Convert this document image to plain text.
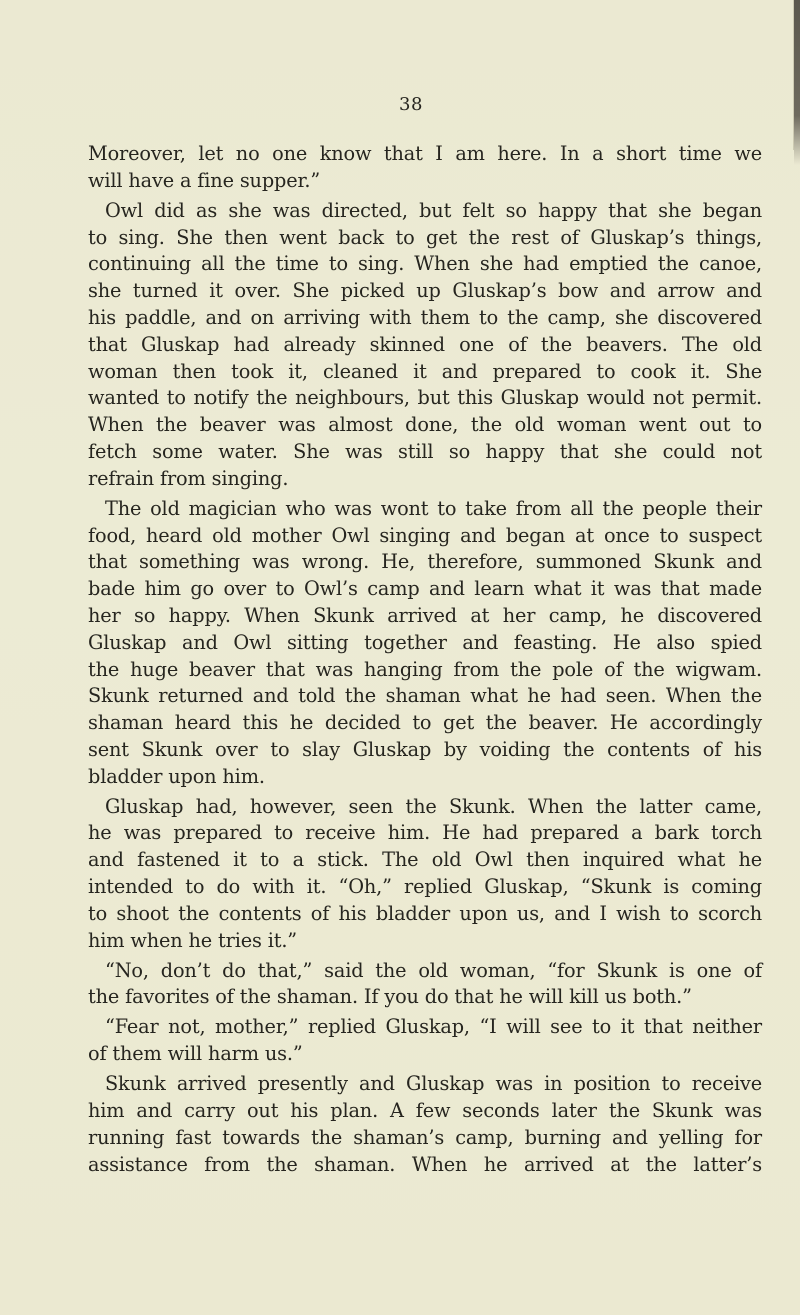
38
Moreover, let no one know that I am here. In a short time we
will have a fine supper.”
Owl did as she was directed, but felt so happy that she began
to sing. She then went back to get the rest of Gluskap’s things,
continuing all the time to sing. When she had emptied the canoe,
she turned it over. She picked up Gluskap’s bow and arrow and
his paddle, and on arriving with them to the camp, she discovered
that Gluskap had already skinned one of the beavers. The old
woman then took it, cleaned it and prepared to cook it. She
wanted to notify the neighbours, but this Gluskap would not permit.
When the beaver was almost done, the old woman went out to
fetch some water. She was still so happy that she could not
refrain from singing.
The old magician who was wont to take from all the people their
food, heard old mother Owl singing and began at once to suspect
that something was wrong. He, therefore, summoned Skunk and
bade him go over to Owl’s camp and learn what it was that made
her so happy. When Skunk arrived at her camp, he discovered
Gluskap and Owl sitting together and feasting. He also spied
the huge beaver that was hanging from the pole of the wigwam.
Skunk returned and told the shaman what he had seen. When the
shaman heard this he decided to get the beaver. He accordingly
sent Skunk over to slay Gluskap by voiding the contents of his
bladder upon him.
Gluskap had, however, seen the Skunk. When the latter came,
he was prepared to receive him. He had prepared a bark torch
and fastened it to a stick. The old Owl then inquired what he
intended to do with it. “Oh,” replied Gluskap, “Skunk is coming
to shoot the contents of his bladder upon us, and I wish to scorch
him when he tries it.”
“No, don’t do that,” said the old woman, “for Skunk is one of
the favorites of the shaman. If you do that he will kill us both.”
“Fear not, mother,” replied Gluskap, “I will see to it that neither
of them will harm us.”
Skunk arrived presently and Gluskap was in position to receive
him and carry out his plan. A few seconds later the Skunk was
running fast towards the shaman’s camp, burning and yelling for
assistance from the shaman. When he arrived at the latter’s
